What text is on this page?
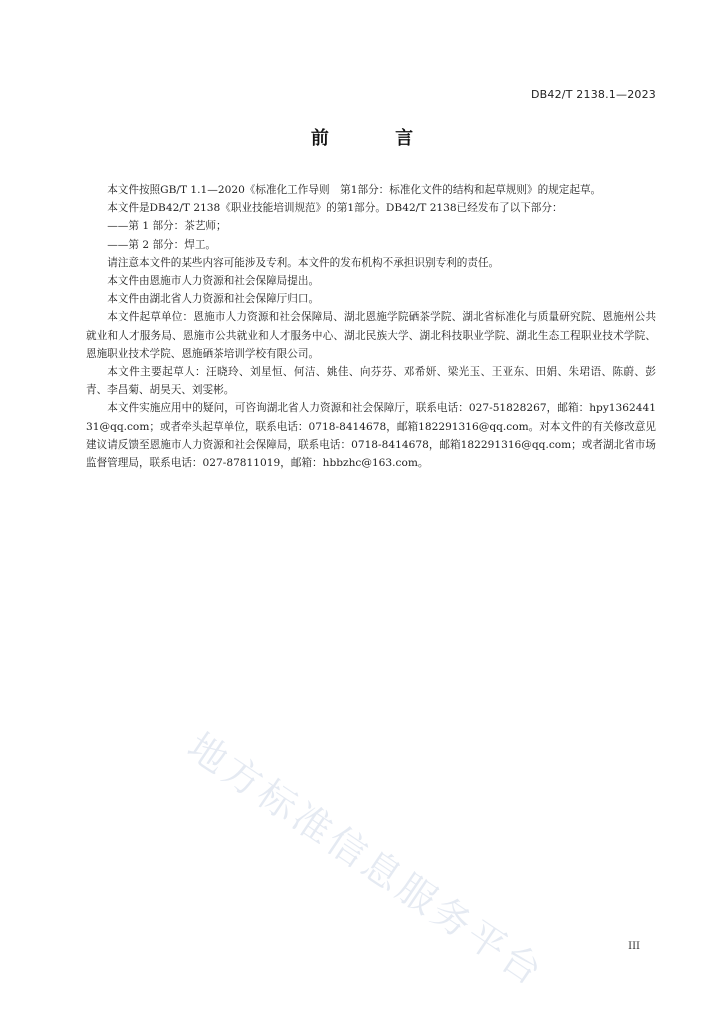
DB42/T 2138.1—2023
前 言

本文件按照GB/T 1.1—2020《标准化工作导则　第1部分：标准化文件的结构和起草规则》的规定起草。

本文件是DB42/T 2138《职业技能培训规范》的第1部分。DB42/T 2138已经发布了以下部分：

——第 1 部分：茶艺师；

——第 2 部分：焊工。

请注意本文件的某些内容可能涉及专利。本文件的发布机构不承担识别专利的责任。

本文件由恩施市人力资源和社会保障局提出。

本文件由湖北省人力资源和社会保障厅归口。

本文件起草单位：恩施市人力资源和社会保障局、湖北恩施学院硒茶学院、湖北省标准化与质量研究院、恩施州公共就业和人才服务局、恩施市公共就业和人才服务中心、湖北民族大学、湖北科技职业学院、湖北生态工程职业技术学院、恩施职业技术学院、恩施硒茶培训学校有限公司。

本文件主要起草人：汪晓玲、刘星恒、何洁、姚佳、向芬芬、邓希妍、梁光玉、王亚东、田娟、朱珺语、陈蔚、彭青、李昌菊、胡昊天、刘雯彬。

本文件实施应用中的疑问，可咨询湖北省人力资源和社会保障厅，联系电话：027-51828267，邮箱：hpy136244131@qq.com；或者牵头起草单位，联系电话：0718-8414678，邮箱182291316@qq.com。对本文件的有关修改意见建议请反馈至恩施市人力资源和社会保障局，联系电话：0718-8414678，邮箱182291316@qq.com；或者湖北省市场监督管理局，联系电话：027-87811019，邮箱：hbbzhc@163.com。

地方标准信息服务平台	III
